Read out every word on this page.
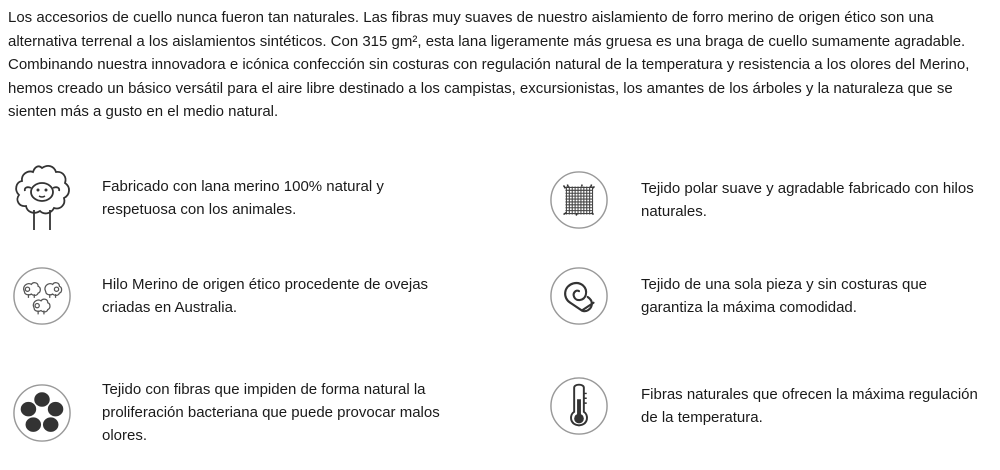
Los accesorios de cuello nunca fueron tan naturales. Las fibras muy suaves de nuestro aislamiento de forro merino de origen ético son una alternativa terrenal a los aislamientos sintéticos. Con 315 gm², esta lana ligeramente más gruesa es una braga de cuello sumamente agradable. Combinando nuestra innovadora e icónica confección sin costuras con regulación natural de la temperatura y resistencia a los olores del Merino, hemos creado un básico versátil para el aire libre destinado a los campistas, excursionistas, los amantes de los árboles y la naturaleza que se sienten más a gusto en el medio natural.

Fabricado con lana merino 100% natural y respetuosa con los animales.
Hilo Merino de origen ético procedente de ovejas criadas en Australia.
Tejido con fibras que impiden de forma natural la proliferación bacteriana que puede provocar malos olores.
Tejido polar suave y agradable fabricado con hilos naturales.
Tejido de una sola pieza y sin costuras que garantiza la máxima comodidad.
Fibras naturales que ofrecen la máxima regulación de la temperatura.
